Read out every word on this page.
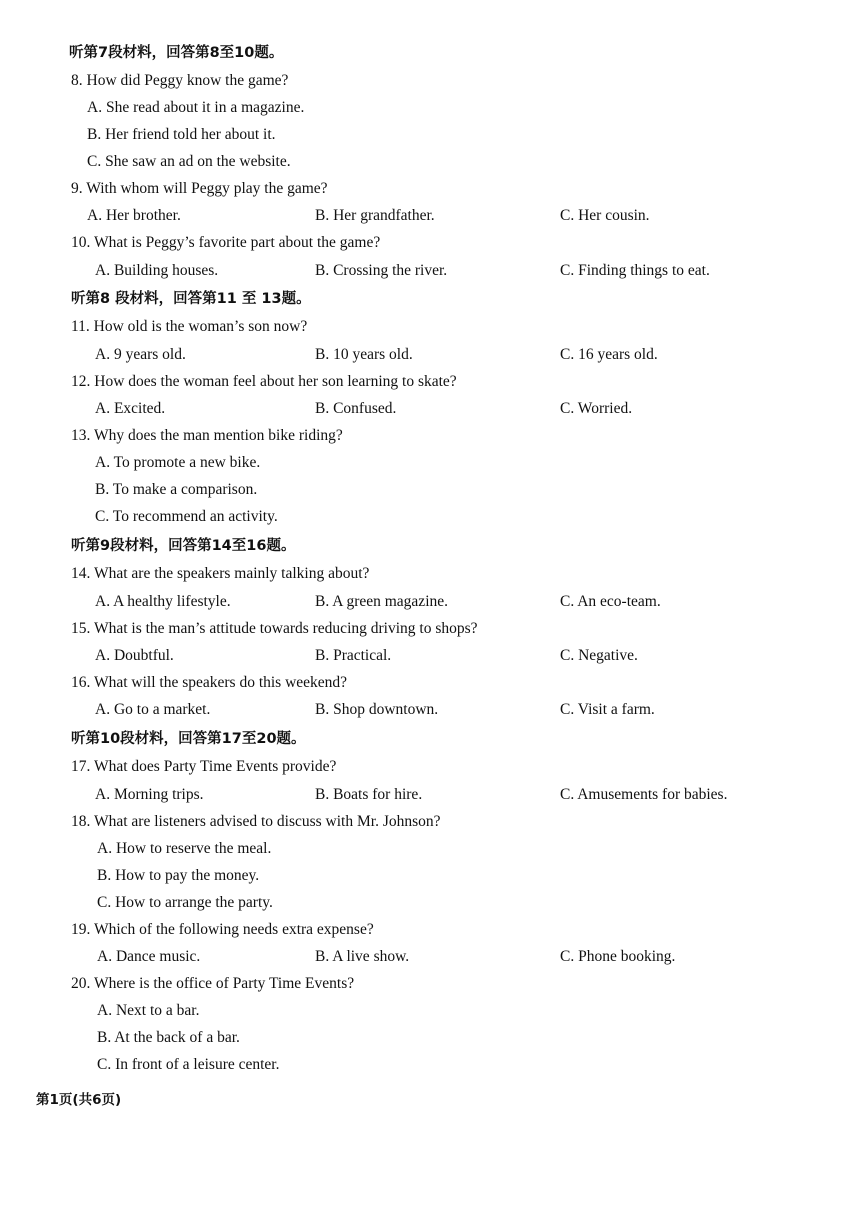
听第7段材料，回答第8至10题。
8. How did Peggy know the game?
A. She read about it in a magazine.
B. Her friend told her about it.
C. She saw an ad on the website.
9. With whom will Peggy play the game?
A. Her brother.	B. Her grandfather.	C. Her cousin.
10. What is Peggy’s favorite part about the game?
A. Building houses.	B. Crossing the river.	C. Finding things to eat.
听第8 段材料，回答第11 至 13题。
11. How old is the woman’s son now?
A. 9 years old.	B. 10 years old.	C. 16 years old.
12. How does the woman feel about her son learning to skate?
A. Excited.	B. Confused.	C. Worried.
13. Why does the man mention bike riding?
A. To promote a new bike.
B. To make a comparison.
C. To recommend an activity.
听第9段材料，回答第14至16题。
14. What are the speakers mainly talking about?
A. A healthy lifestyle.	B. A green magazine.	C. An eco-team.
15. What is the man’s attitude towards reducing driving to shops?
A. Doubtful.	B. Practical.	C. Negative.
16. What will the speakers do this weekend?
A. Go to a market.	B. Shop downtown.	C. Visit a farm.
听第10段材料，回答第17至20题。
17. What does Party Time Events provide?
A. Morning trips.	B. Boats for hire.	C. Amusements for babies.
18. What are listeners advised to discuss with Mr. Johnson?
A. How to reserve the meal.
B. How to pay the money.
C. How to arrange the party.
19. Which of the following needs extra expense?
A. Dance music.	B. A live show.	C. Phone booking.
20. Where is the office of Party Time Events?
A. Next to a bar.
B. At the back of a bar.
C. In front of a leisure center.
第1页(共6页)
